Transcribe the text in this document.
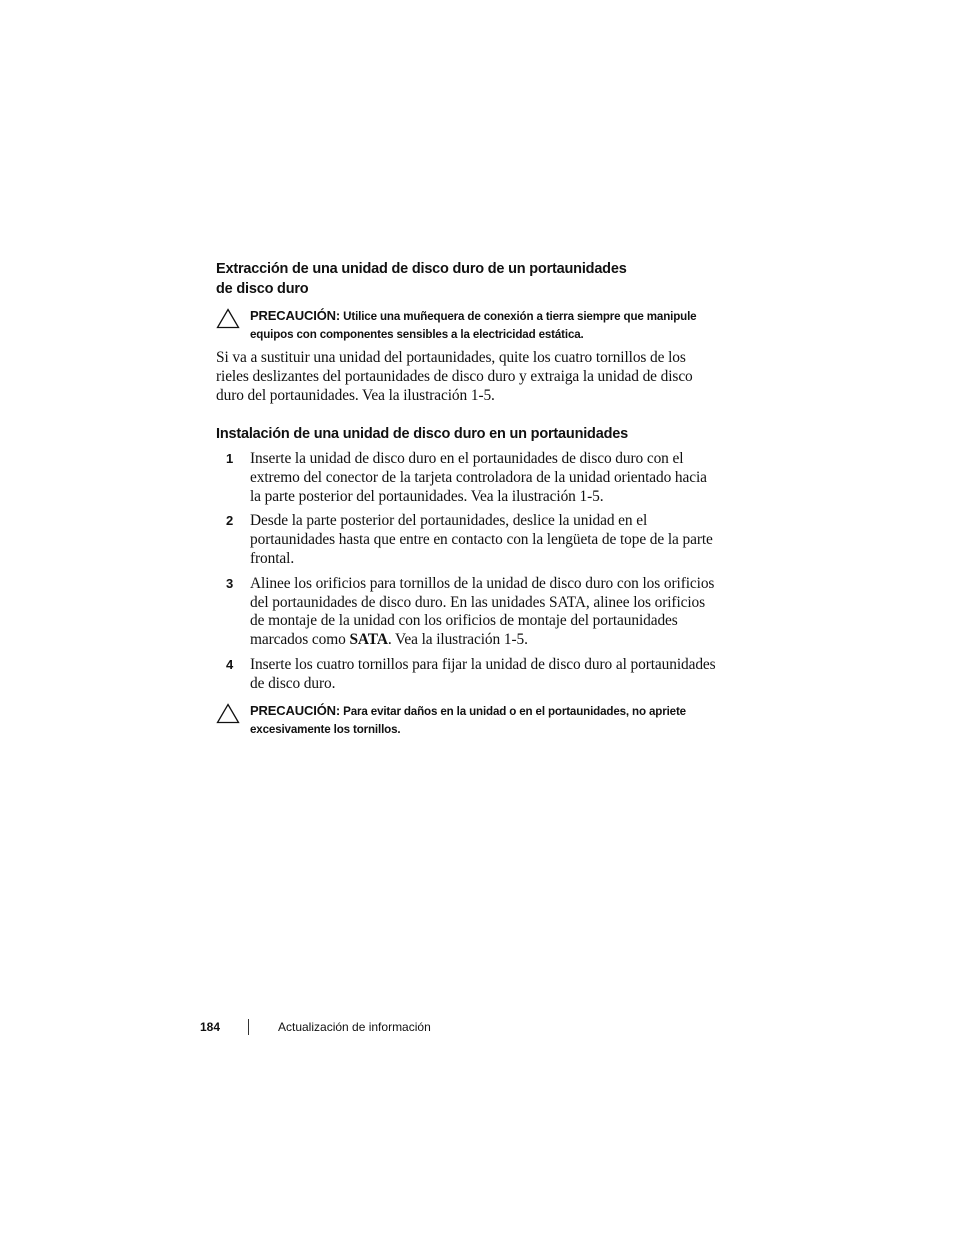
Extracción de una unidad de disco duro de un portaunidades
de disco duro
PRECAUCIÓN: Utilice una muñequera de conexión a tierra siempre que manipule equipos con componentes sensibles a la electricidad estática.

Si va a sustituir una unidad del portaunidades, quite los cuatro tornillos de los rieles deslizantes del portaunidades de disco duro y extraiga la unidad de disco duro del portaunidades. Vea la ilustración 1-5.

Instalación de una unidad de disco duro en un portaunidades
1 Inserte la unidad de disco duro en el portaunidades de disco duro con el extremo del conector de la tarjeta controladora de la unidad orientado hacia la parte posterior del portaunidades. Vea la ilustración 1-5.
2 Desde la parte posterior del portaunidades, deslice la unidad en el portaunidades hasta que entre en contacto con la lengüeta de tope de la parte frontal.
3 Alinee los orificios para tornillos de la unidad de disco duro con los orificios del portaunidades de disco duro. En las unidades SATA, alinee los orificios de montaje de la unidad con los orificios de montaje del portaunidades marcados como SATA. Vea la ilustración 1-5.
4 Inserte los cuatro tornillos para fijar la unidad de disco duro al portaunidades de disco duro.
PRECAUCIÓN: Para evitar daños en la unidad o en el portaunidades, no apriete excesivamente los tornillos.
184	Actualización de información
